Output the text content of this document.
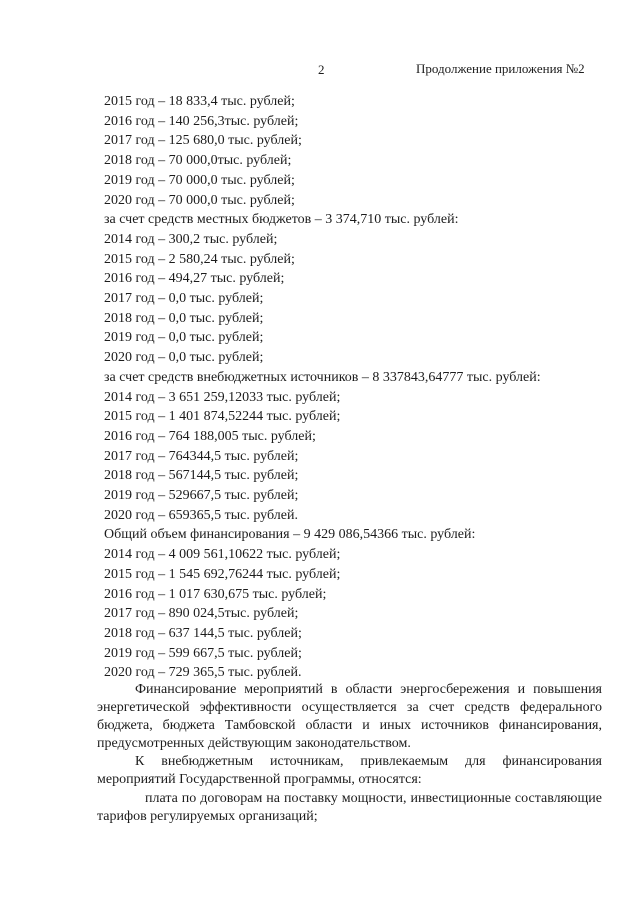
2	Продолжение приложения №2
2015 год – 18 833,4 тыс. рублей;
2016 год – 140 256,3тыс. рублей;
2017 год – 125 680,0 тыс. рублей;
2018 год – 70 000,0тыс. рублей;
2019 год – 70 000,0 тыс. рублей;
2020 год – 70 000,0 тыс. рублей;
за счет средств местных бюджетов – 3 374,710 тыс. рублей:
2014 год – 300,2 тыс. рублей;
2015 год – 2 580,24 тыс. рублей;
2016 год – 494,27 тыс. рублей;
2017 год – 0,0 тыс. рублей;
2018 год – 0,0 тыс. рублей;
2019 год – 0,0 тыс. рублей;
2020 год – 0,0 тыс. рублей;
за счет средств внебюджетных источников – 8 337843,64777 тыс. рублей:
2014 год – 3 651 259,12033 тыс. рублей;
2015 год – 1 401 874,52244 тыс. рублей;
2016 год – 764 188,005 тыс. рублей;
2017 год – 764344,5 тыс. рублей;
2018 год – 567144,5 тыс. рублей;
2019 год – 529667,5 тыс. рублей;
2020 год – 659365,5 тыс. рублей.
Общий объем финансирования – 9 429 086,54366 тыс. рублей:
2014 год – 4 009 561,10622 тыс. рублей;
2015 год – 1 545 692,76244 тыс. рублей;
2016 год – 1 017 630,675 тыс. рублей;
2017 год – 890 024,5тыс. рублей;
2018 год – 637 144,5 тыс. рублей;
2019 год – 599 667,5 тыс. рублей;
2020 год – 729 365,5 тыс. рублей.
Финансирование мероприятий в области энергосбережения и повышения энергетической эффективности осуществляется за счет средств федерального бюджета, бюджета Тамбовской области и иных источников финансирования, предусмотренных действующим законодательством.
К внебюджетным источникам, привлекаемым для финансирования мероприятий Государственной программы, относятся:
плата по договорам на поставку мощности, инвестиционные составляющие тарифов регулируемых организаций;
